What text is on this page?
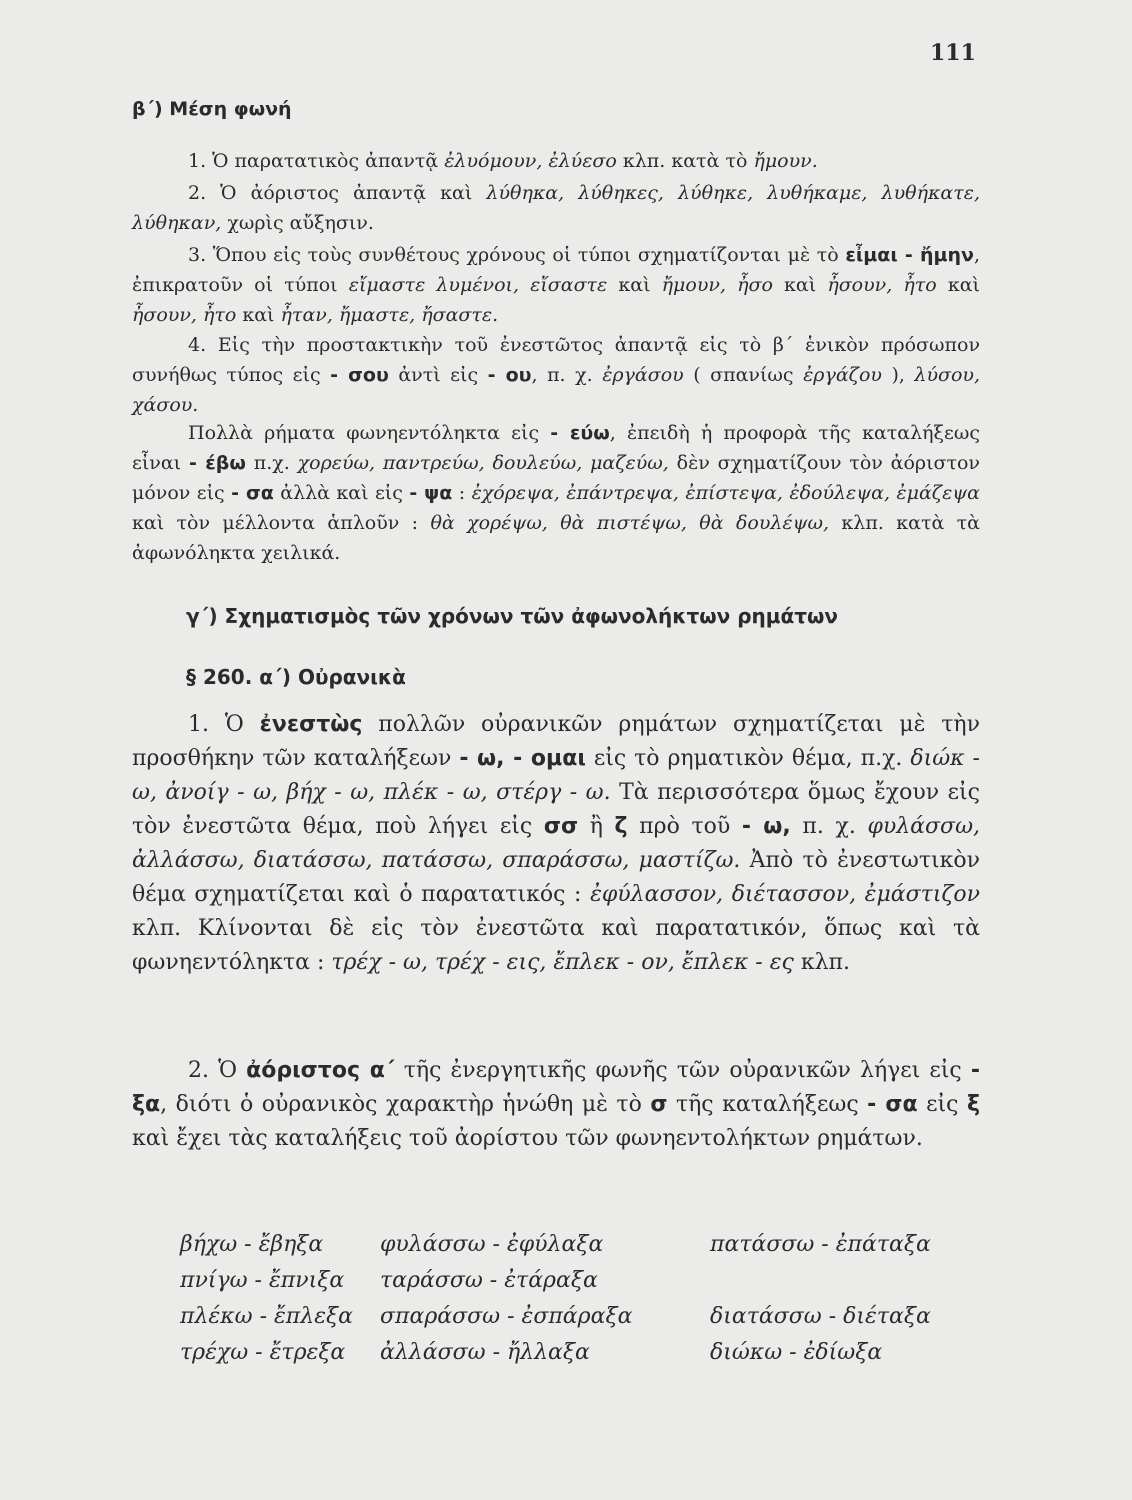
111
β΄) Μέση φωνή
1. Ὁ παρατατικὸς ἀπαντᾷ ἐλυόμουν, ἐλύεσο κλπ. κατὰ τὸ ἤμουν.
2. Ὁ ἀόριστος ἀπαντᾷ καὶ λύθηκα, λύθηκες, λύθηκε, λυθήκαμε, λυθήκατε, λύθηκαν, χωρὶς αὔξησιν.
3. Ὅπου εἰς τοὺς συνθέτους χρόνους οἱ τύποι σχηματίζονται μὲ τὸ εἶμαι - ἤμην, ἐπικρατοῦν οἱ τύποι εἴμαστε λυμένοι, εἴσαστε καὶ ἤμουν, ἦσο καὶ ἦσουν, ἦτο καὶ ἦσουν, ἦτο καὶ ἦταν, ἤμαστε, ἤσαστε.
4. Εἰς τὴν προστακτικὴν τοῦ ἐνεστῶτος ἀπαντᾷ εἰς τὸ β΄ ἑνικὸν πρόσωπον συνήθως τύπος εἰς - σου ἀντὶ εἰς - ου, π. χ. ἐργάσου ( σπανίως ἐργάζου ), λύσου, χάσου.
Πολλὰ ρήματα φωνηεντόληκτα εἰς - εύω, ἐπειδὴ ἡ προφορὰ τῆς καταλήξεως εἶναι - έβω π.χ. χορεύω, παντρεύω, δουλεύω, μαζεύω, δὲν σχηματίζουν τὸν ἀόριστον μόνον εἰς - σα ἀλλὰ καὶ εἰς - ψα : ἐχόρεψα, ἐπάντρεψα, ἐπίστεψα, ἐδούλεψα, ἐμάζεψα καὶ τὸν μέλλοντα ἁπλοῦν : θὰ χορέψω, θὰ πιστέψω, θὰ δουλέψω, κλπ. κατὰ τὰ ἀφωνόληκτα χειλικά.
γ΄) Σχηματισμὸς τῶν χρόνων τῶν ἀφωνολήκτων ρημάτων
§ 260. α΄) Οὐρανικὰ
1. Ὁ ἐνεστὼς πολλῶν οὐρανικῶν ρημάτων σχηματίζεται μὲ τὴν προσθήκην τῶν καταλήξεων - ω, - ομαι εἰς τὸ ρηματικὸν θέμα, π.χ. διώκ - ω, ἀνοίγ - ω, βήχ - ω, πλέκ - ω, στέργ - ω. Τὰ περισσότερα ὅμως ἔχουν εἰς τὸν ἐνεστῶτα θέμα, ποὺ λήγει εἰς σσ ἢ ζ πρὸ τοῦ - ω, π. χ. φυλάσσω, ἀλλάσσω, διατάσσω, πατάσσω, σπαράσσω, μαστίζω. Ἀπὸ τὸ ἐνεστωτικὸν θέμα σχηματίζεται καὶ ὁ παρατατικός : ἐφύλασσον, διέτασσον, ἐμάστιζον κλπ. Κλίνονται δὲ εἰς τὸν ἐνεστῶτα καὶ παρατατικόν, ὅπως καὶ τὰ φωνηεντόληκτα : τρέχ - ω, τρέχ - εις, ἔπλεκ - ον, ἔπλεκ - ες κλπ.
2. Ὁ ἀόριστος α΄ τῆς ἐνεργητικῆς φωνῆς τῶν οὐρανικῶν λήγει εἰς - ξα, διότι ὁ οὐρανικὸς χαρακτὴρ ἡνώθη μὲ τὸ σ τῆς καταλήξεως - σα εἰς ξ καὶ ἔχει τὰς καταλήξεις τοῦ ἀορίστου τῶν φωνηεντολήκτων ρημάτων.
βήχω - ἔβηξα	φυλάσσω - ἐφύλαξα	πατάσσω - ἐπάταξα
πνίγω - ἔπνιξα	ταράσσω - ἐτάραξα	
πλέκω - ἔπλεξα	σπαράσσω - ἐσπάραξα	διατάσσω - διέταξα
τρέχω - ἔτρεξα	ἀλλάσσω - ἤλλαξα	διώκω - ἐδίωξα
